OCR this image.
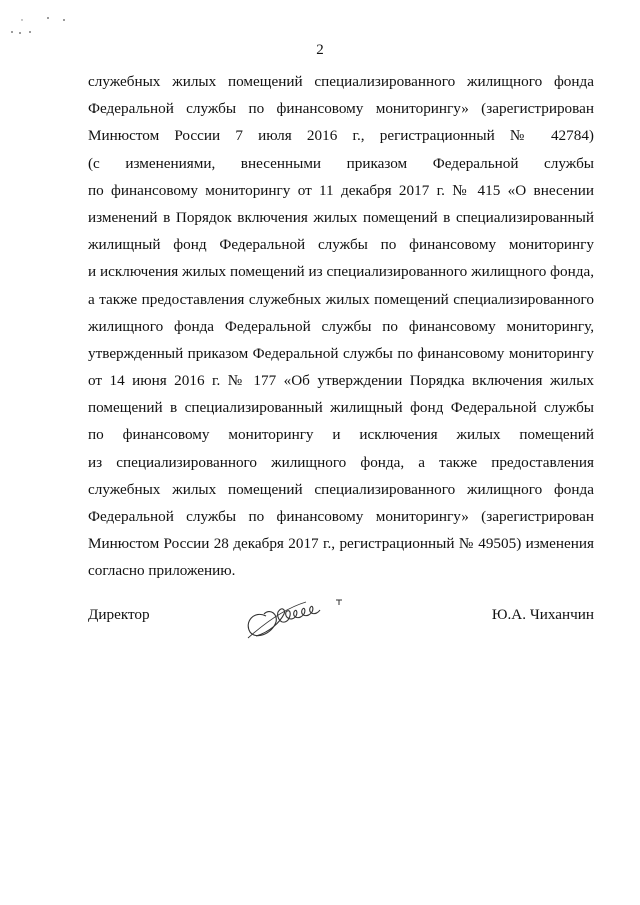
2
служебных жилых помещений специализированного жилищного фонда
Федеральной службы по финансовому мониторингу» (зарегистрирован
Минюстом России 7 июля 2016 г., регистрационный № 42784)
(с изменениями, внесенными приказом Федеральной службы
по финансовому мониторингу от 11 декабря 2017 г. № 415 «О внесении
изменений в Порядок включения жилых помещений в специализированный
жилищный фонд Федеральной службы по финансовому мониторингу
и исключения жилых помещений из специализированного жилищного фонда,
а также предоставления служебных жилых помещений специализированного
жилищного фонда Федеральной службы по финансовому мониторингу,
утвержденный приказом Федеральной службы по финансовому мониторингу
от 14 июня 2016 г. № 177 «Об утверждении Порядка включения жилых
помещений в специализированный жилищный фонд Федеральной службы
по финансовому мониторингу и исключения жилых помещений
из специализированного жилищного фонда, а также предоставления
служебных жилых помещений специализированного жилищного фонда
Федеральной службы по финансовому мониторингу» (зарегистрирован
Минюстом России 28 декабря 2017 г., регистрационный № 49505) изменения
согласно приложению.
Директор	Ю.А. Чиханчин
